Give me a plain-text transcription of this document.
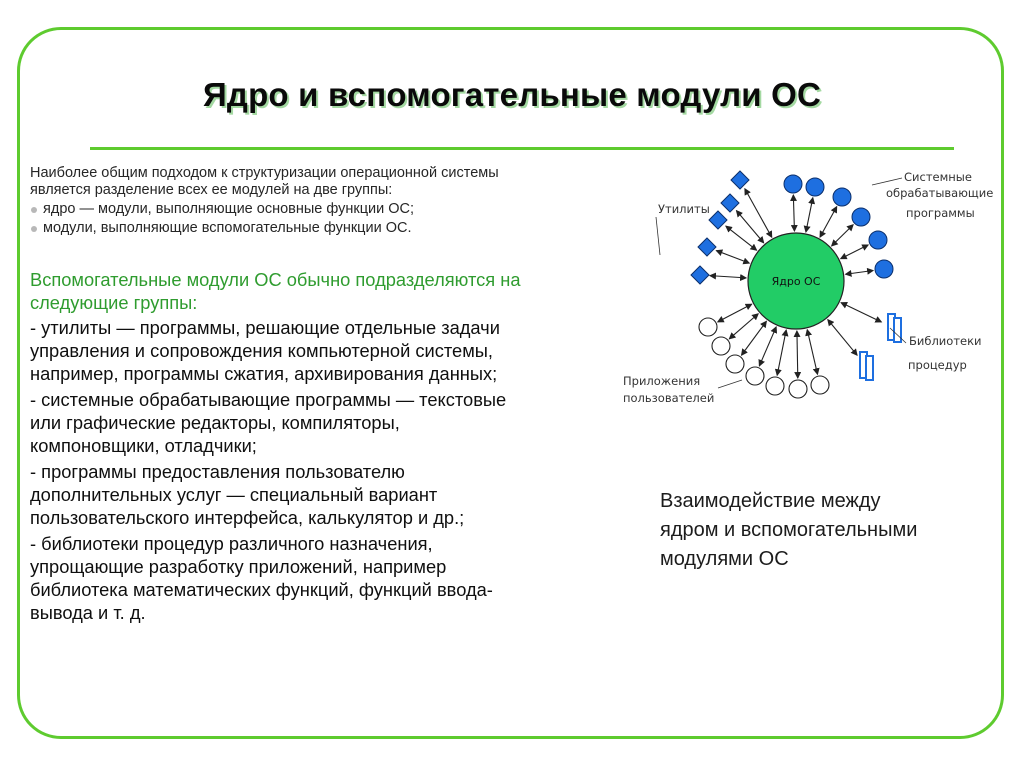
Ядро и вспомогательные модули ОС

Наиболее общим подходом к структуризации операционной системы

является разделение всех ее модулей на две группы:

ядро — модули, выполняющие основные функции ОС;
модули, выполняющие вспомогательные функции ОС.
Вспомогательные модули ОС обычно подразделяются на
следующие группы:
- утилиты — программы, решающие отдельные задачи
управления и сопровождения компьютерной системы,
например, программы сжатия, архивирования данных;
- системные обрабатывающие программы — текстовые
или графические редакторы, компиляторы,
компоновщики, отладчики;
- программы предоставления пользователю
дополнительных услуг — специальный вариант
пользовательского интерфейса, калькулятор и др.;
- библиотеки процедур различного назначения,
упрощающие разработку приложений, например
библиотека математических функций, функций ввода-
вывода и т. д.
Ядро ОС
Утилиты
Системные
обрабатывающие
программы
Библиотеки
процедур
Приложения
пользователей
Взаимодействие между
ядром и вспомогательными
модулями ОС
